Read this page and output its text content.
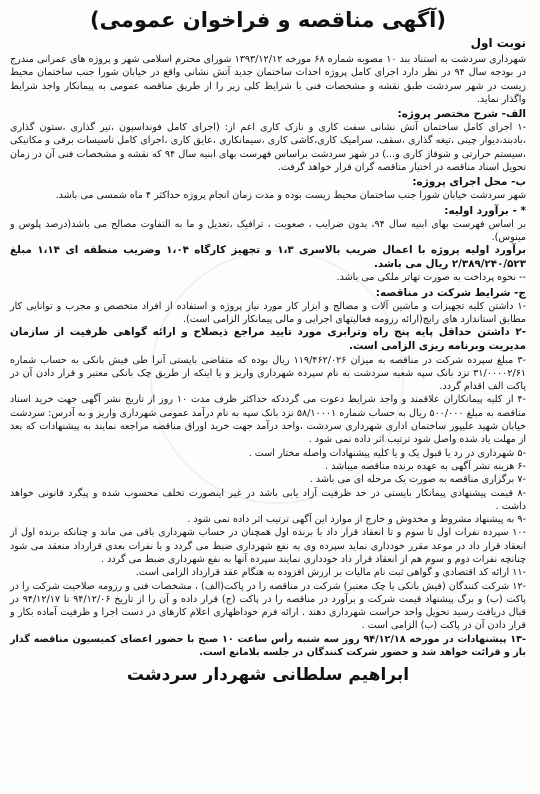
(آگهی مناقصه و فراخوان عمومی)
نوبت اول

شهرداری سردشت به استناد بند ۱۰ مصوبه شماره ۶۸ مورخه ۱۳۹۳/۱۲/۱۲ شورای محترم اسلامی شهر و پروژه های عمرانی مندرج در بودجه سال ۹۴ در نظر دارد اجرای کامل پروژه احداث ساختمان جدید آتش نشانی واقع در خیابان شورا جنب ساختمان محیط زیست در شهر سردشت طبق نقشه و مشخصات فنی با شرایط کلی زیر را از طریق مناقصه عمومی به پیمانکار واجد شرایط واگذار نماید.

الف- شرح مختصر پروژه:

-۱ اجرای کامل ساختمان آتش نشانی سفت کاری و نازک کاری اعم از: (اجرای کامل فونداسیون ،تیر گذاری ،ستون گذاری ،بادبند،دیوار چینی ،تیغه گذاری ،سقف، سرامیک کاری،کاشی کاری ،سیمانکاری ،عایق کاری ،اجرای کامل تاسیسات برقی و مکانیکی ،سیستم حرارتی و شوفاژ کاری و...) در شهر سردشت براساس فهرست بهای ابنیه سال ۹۴ که نقشه و مشخصات فنی آن در زمان تحویل اسناد مناقصه در اختیار مناقصه گران قرار خواهد گرفت.

ب- محل اجرای پروژه:

شهر سردشت خیابان شورا جنب ساختمان محیط زیست بوده و مدت زمان انجام پروژه حداکثر ۴ ماه شمسی می باشد.

* - برآورد اولیه:

بر اساس فهرست بهای ابنیه سال ۹۴، بدون ضرایب ، صعوبت ، ترافیک ،تعدیل و ما به التفاوت مصالح می باشد(درصد پلوس و مینوس).

برآورد اولیه پروژه با اعمال ضریب بالاسری ۱،۳ و تجهیز کارگاه ۱،۰۴ وضریب منطقه ای ۱،۱۴ مبلغ ۲/۳۸۹/۲۴۰/۵۲۳ ریال می باشد.

-- نحوه پرداخت به صورت تهاتر ملکی می باشد.

ج- شرایط شرکت در مناقصه:

-۱ داشتن کلیه تجهیزات و ماشین آلات و مصالح و ابزار کار مورد نیاز پروژه و استفاده از افراد متخصص و مجرب و توانایی کار مطابق استاندارد های رایج(ارائه رزومه فعالیتهای اجرایی و مالی پیمانکار الزامی است).

-۲ داشتن حداقل پایه پنج راه وترابری مورد تایید مراجع ذیصلاح و ارائه گواهی ظرفیت از سازمان مدیریت وبرنامه ریزی الزامی است.

-۳ مبلغ سپرده شرکت در مناقصه به میزان ۱۱۹/۴۶۲/۰۲۶ ریال بوده که متقاضی بایستی آنرا طی فیش بانکی به حساب شماره ۳۱/۰۰۰۰۲/۶۱ نزد بانک سپه شعبه سردشت به نام سپرده شهرداری واریز و یا اینکه از طریق چک بانکی معتبر و قرار دادن آن در پاکت الف اقدام گردد.

-۴ از کلیه پیمانکاران علاقمند و واجد شرایط دعوت می گرددکه حداکثر ظرف مدت ۱۰ روز از تاریخ نشر آگهی جهت خرید اسناد مناقصه به مبلغ ۵۰۰/۰۰۰ ریال به حساب شماره ۵۸/۱۰۰۰۱ نزد بانک سپه به نام درآمد عمومی شهرداری واریز و به آدرس: سردشت خیابان شهید علیپور ساختمان اداری شهرداری سردشت ،واحد درآمد جهت خرید اوراق مناقصه مراجعه نمایند به پیشنهادات که بعد از مهلت یاد شده واصل شود ترتیب اثر داده نمی شود .

-۵ شهرداری در رد یا قبول یک و یا کلیه پیشنهادات واصله مختار است .

-۶ هزینه نشر آگهی به عهده برنده مناقصه میباشد .

-۷ برگزاری مناقصه به صورت یک مرحله ای می باشد .

-۸ قیمت پیشنهادی پیمانکار بایستی در حد ظرفیت آزاد یابی باشد در غیر اینصورت تخلف محسوب شده و پیگرد قانونی خواهد داشت .

-۹ به پیشنهاد مشروط و مخدوش و خارج از موارد این آگهی ترتیب اثر داده نمی شود .

-۱۰ سپرده نفرات اول تا سوم و تا انعقاد قرار داد با برنده اول همچنان در حساب شهرداری باقی می ماند و چنانکه برنده اول از انعقاد قرار داد در موعد مقرر خودداری نماید سپرده وی به نفع شهرداری ضبط می گردد و با نفرات بعدی قرارداد منعقد می شود چنانچه نفرات دوم و سوم هم از انعقاد قرار داد خودداری نمایند سپرده آنها به نفع شهرداری ضبط می گردد .

-۱۱ ارائه کد اقتصادی و گواهی ثبت نام مالیات بر ارزش افزوده به هنگام عقد قرارداد الزامی است.

-۱۲ شرکت کنندگان (فیش بانکی یا چک معتبر) شرکت در مناقصه را در پاکت(الف) ، مشخصات فنی و رزومه صلاحیت شرکت را در پاکت (ب) و برگ پیشنهاد قیمت شرکت و برآورد در مناقصه را در پاکت (ج) قرار داده و آن را از تاریخ ۹۴/۱۲/۰۶ تا ۹۴/۱۲/۱۷ در قبال دریافت رسید تحویل واحد حراست شهرداری دهند . ارائه فرم خوداظهاری اعلام کارهای در دست اجرا و ظرفیت آماده بکار و قرار دادن آن در پاکت (ب) الزامی است .

-۱۳ پیشنهادات در مورخه ۹۴/۱۲/۱۸ روز سه شنبه رأس ساعت ۱۰ صبح با حضور اعضای کمیسیون مناقصه گذار باز و قرائت خواهد شد و حضور شرکت کنندگان در جلسه بلامانع است.

ابراهیم سلطانی شهردار سردشت
